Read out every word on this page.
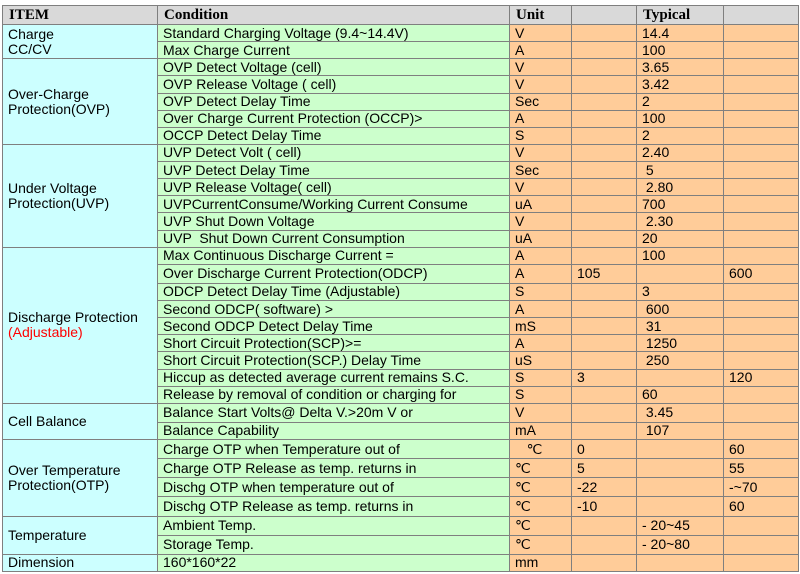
ITEM	Condition	Unit		Typical	

Charge
CC/CV	Standard Charging Voltage (9.4~14.4V)	V		14.4	
	Max Charge Current	A		100	

Over-Charge
Protection(OVP)	OVP Detect Voltage (cell)	V		3.65	
	OVP Release Voltage ( cell)	V		3.42	
	OVP Detect Delay Time	Sec		2	
	Over Charge Current Protection (OCCP)>	A		100	
	OCCP Detect Delay Time	S		2	

Under Voltage
Protection(UVP)	UVP Detect Volt ( cell)	V		2.40	
	UVP Detect Delay Time	Sec		5	
	UVP Release Voltage( cell)	V		2.80	
	UVPCurrentConsume/Working Current Consume	uA		700	
	UVP Shut Down Voltage	V		2.30	
	UVP  Shut Down Current Consumption	uA		20	

Discharge Protection
(Adjustable)	Max Continuous Discharge Current =	A		100	
	Over Discharge Current Protection(ODCP)	A	105		600
	ODCP Detect Delay Time (Adjustable)	S		3	
	Second ODCP( software) >	A		600	
	Second ODCP Detect Delay Time	mS		31	
	Short Circuit Protection(SCP)>=	A		1250	
	Short Circuit Protection(SCP.) Delay Time	uS		250	
	Hiccup as detected average current remains S.C.	S	3		120
	Release by removal of condition or charging for	S		60	

Cell Balance	Balance Start Volts@ Delta V.>20m V or	V		3.45	
	Balance Capability	mA		107	

Over Temperature
Protection(OTP)	Charge OTP when Temperature out of	℃	0		60
	Charge OTP Release as temp. returns in	℃	5		55
	Dischg OTP when temperature out of	℃	-22		-~70
	Dischg OTP Release as temp. returns in	℃	-10		60

Temperature	Ambient Temp.	℃		- 20~45	
	Storage Temp.	℃		- 20~80	

Dimension	160*160*22	mm			
